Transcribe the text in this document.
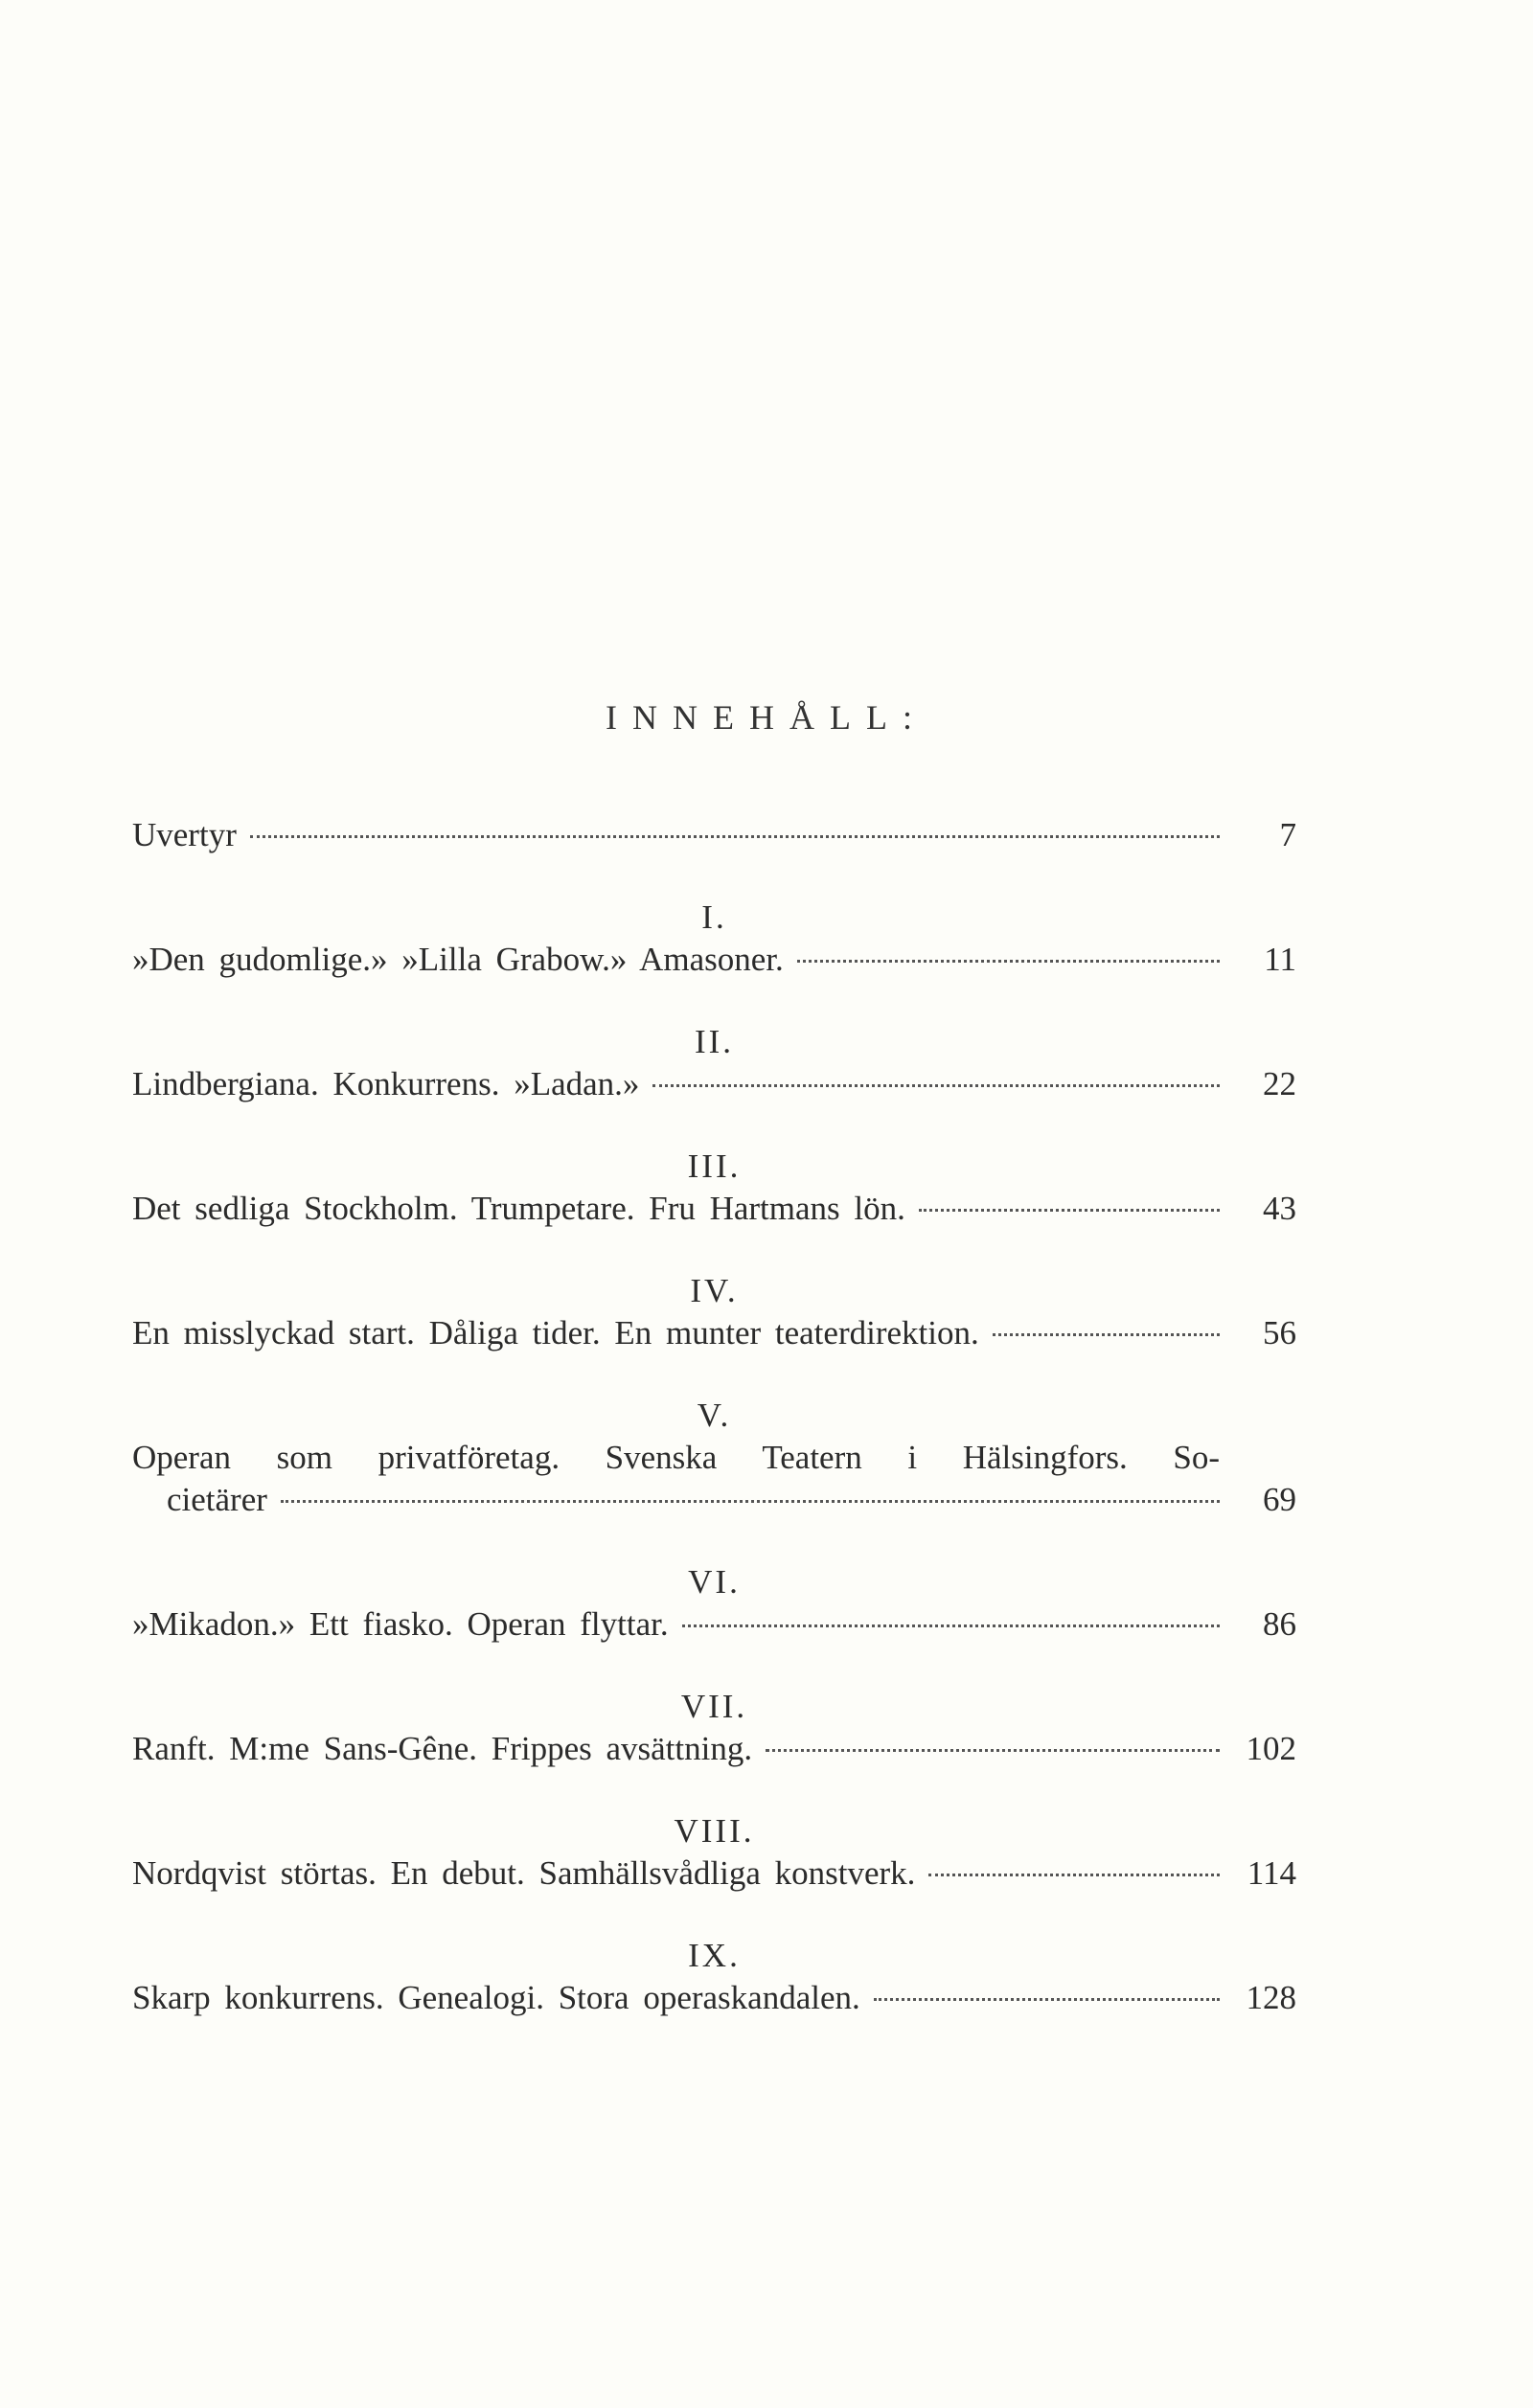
INNEHÅLL:
Uvertyr	7
I.
»Den gudomlige.» »Lilla Grabow.» Amasoner.	11
II.
Lindbergiana. Konkurrens. »Ladan.»	22
III.
Det sedliga Stockholm. Trumpetare. Fru Hartmans lön.	43
IV.
En misslyckad start. Dåliga tider. En munter teaterdirektion.	56
V.
Operan som privatföretag. Svenska Teatern i Hälsingfors. So-
cietärer	69
VI.
»Mikadon.» Ett fiasko. Operan flyttar.	86
VII.
Ranft. M:me Sans-Gêne. Frippes avsättning.	102
VIII.
Nordqvist störtas. En debut. Samhällsvådliga konstverk.	114
IX.
Skarp konkurrens. Genealogi. Stora operaskandalen.	128
